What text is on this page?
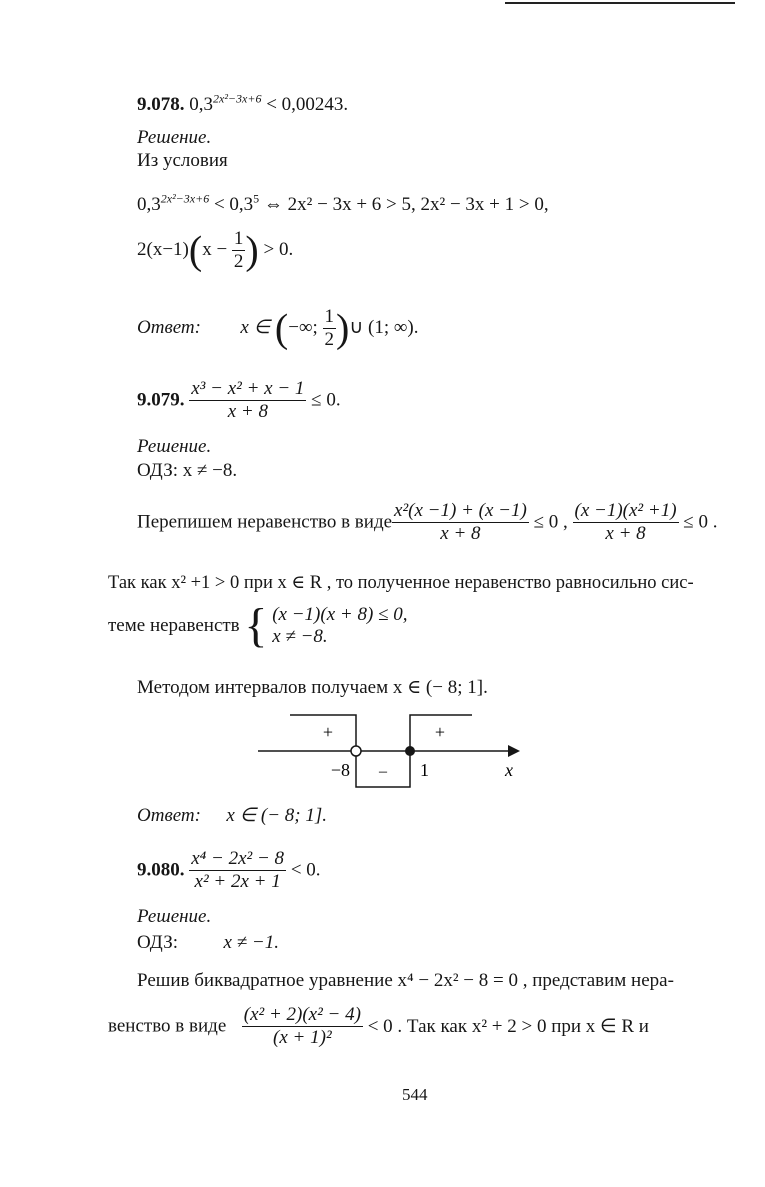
9.078. $0,3^{2x^2-3x+6} < 0,00243$.
Решение.
Из условия
$0,3^{2x^2-3x+6} < 0,3^5$ ⇔ 2x² − 3x + 6 > 5, 2x² − 3x + 1 > 0,
$2(x-1)(x - \frac{1}{2}$ ) > 0.
Ответ: x ∈ (−∞; $\frac{1}{2}$ )∪ (1; ∞).
9.079. $\frac{\text{x³ − x² + x − 1}}{x + 8} \le 0$.
Решение.
ОДЗ: x ≠ −8.
Перепишем неравенство в виде $\frac{\text{x²(x −1) + (x −1)}}{x + 8} \le 0$ , $\frac{\text{(x −1)(x² +1)}}{x + 8} \le 0$ .
Так как x² +1 > 0 при x ∈ R , то полученное неравенство равносильно сис-
теме неравенств { (x −1)(x + 8) ≤ 0,
x ≠ −8.
Методом интервалов получаем x ∈ (− 8; 1].
+	+
–
−8	1	x
Ответ: x ∈ (− 8; 1].
9.080. $\frac{\text{x⁴ − 2x² − 8}}{\text{x² + 2x + 1}} < 0$.
Решение.
ОДЗ: x ≠ −1.
Решив биквадратное уравнение x⁴ − 2x² − 8 = 0 , представим нера-
венство в виде $\frac{\text{(x² + 2)(x² − 4)}}{\text{(x + 1)²}} < 0$ . Так как x² + 2 > 0 при x ∈ R и
544
